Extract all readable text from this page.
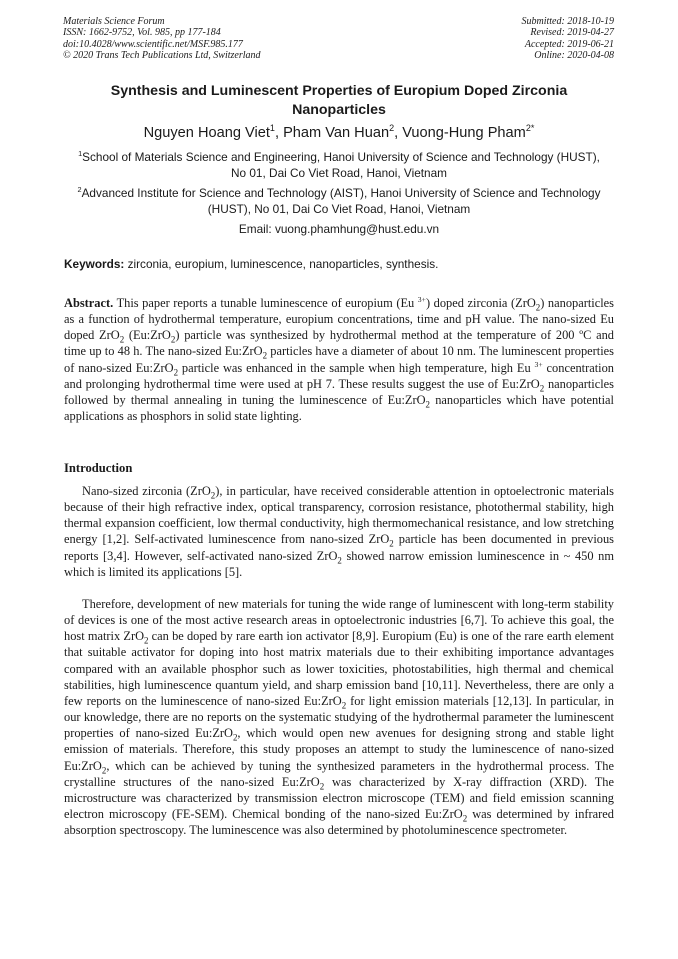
Materials Science Forum
ISSN: 1662-9752, Vol. 985, pp 177-184
doi:10.4028/www.scientific.net/MSF.985.177
© 2020 Trans Tech Publications Ltd, Switzerland
Submitted: 2018-10-19
Revised: 2019-04-27
Accepted: 2019-06-21
Online: 2020-04-08
Synthesis and Luminescent Properties of Europium Doped Zirconia
Nanoparticles
Nguyen Hoang Viet$^1$, Pham Van Huan$^2$, Vuong-Hung Pham$^{2*}$
$^1$School of Materials Science and Engineering, Hanoi University of Science and Technology (HUST), No 01, Dai Co Viet Road, Hanoi, Vietnam
$^2$Advanced Institute for Science and Technology (AIST), Hanoi University of Science and Technology (HUST), No 01, Dai Co Viet Road, Hanoi, Vietnam
Email: vuong.phamhung@hust.edu.vn
Keywords: zirconia, europium, luminescence, nanoparticles, synthesis.
Abstract. This paper reports a tunable luminescence of europium (Eu $^{3+}$) doped zirconia (ZrO$_2$) nanoparticles as a function of hydrothermal temperature, europium concentrations, time and pH value. The nano-sized Eu doped ZrO$_2$ (Eu:ZrO$_2$) particle was synthesized by hydrothermal method at the temperature of 200 ºC and time up to 48 h. The nano-sized Eu:ZrO$_2$ particles have a diameter of about 10 nm. The luminescent properties of nano-sized Eu:ZrO$_2$ particle was enhanced in the sample when high temperature, high Eu $^{3+}$ concentration and prolonging hydrothermal time were used at pH 7. These results suggest the use of Eu:ZrO$_2$ nanoparticles followed by thermal annealing in tuning the luminescence of Eu:ZrO$_2$ nanoparticles which have potential applications as phosphors in solid state lighting.
Introduction
Nano-sized zirconia (ZrO$_2$), in particular, have received considerable attention in optoelectronic materials because of their high refractive index, optical transparency, corrosion resistance, photothermal stability, high thermal expansion coefficient, low thermal conductivity, high thermomechanical resistance, and low stretching energy [1,2]. Self-activated luminescence from nano-sized ZrO$_2$ particle has been documented in previous reports [3,4]. However, self-activated nano-sized ZrO$_2$ showed narrow emission luminescence in ~ 450 nm which is limited its applications [5].
Therefore, development of new materials for tuning the wide range of luminescent with long-term stability of devices is one of the most active research areas in optoelectronic industries [6,7]. To achieve this goal, the host matrix ZrO$_2$ can be doped by rare earth ion activator [8,9]. Europium (Eu) is one of the rare earth element that suitable activator for doping into host matrix materials due to their exhibiting importance advantages compared with an available phosphor such as lower toxicities, photostabilities, high thermal and chemical stabilities, high luminescence quantum yield, and sharp emission band [10,11]. Nevertheless, there are only a few reports on the luminescence of nano-sized Eu:ZrO$_2$ for light emission materials [12,13]. In particular, in our knowledge, there are no reports on the systematic studying of the hydrothermal parameter the luminescent properties of nano-sized Eu:ZrO$_2$, which would open new avenues for designing strong and stable light emission of materials. Therefore, this study proposes an attempt to study the luminescence of nano-sized Eu:ZrO$_2$, which can be achieved by tuning the synthesized parameters in the hydrothermal process. The crystalline structures of the nano-sized Eu:ZrO$_2$ was characterized by X-ray diffraction (XRD). The microstructure was characterized by transmission electron microscope (TEM) and field emission scanning electron microscopy (FE-SEM). Chemical bonding of the nano-sized Eu:ZrO$_2$ was determined by infrared absorption spectroscopy. The luminescence was also determined by photoluminescence spectrometer.
